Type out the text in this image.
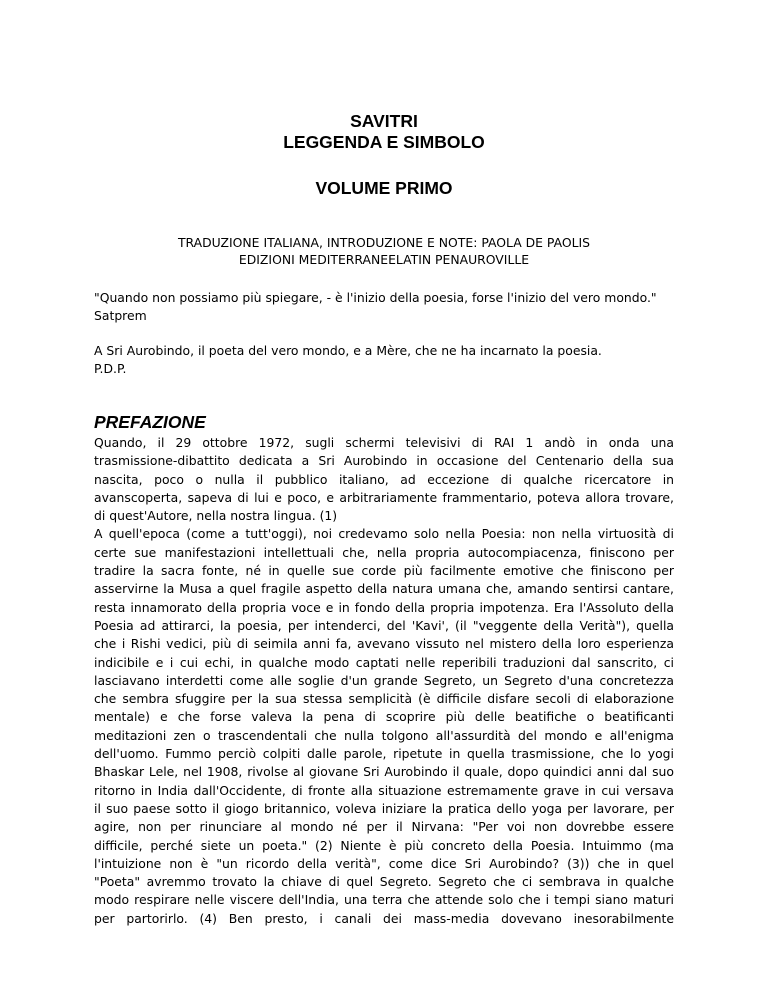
SAVITRI
LEGGENDA E SIMBOLO
VOLUME PRIMO
TRADUZIONE ITALIANA, INTRODUZIONE E NOTE: PAOLA DE PAOLIS
EDIZIONI MEDITERRANEELATIN PENAUROVILLE
"Quando non possiamo più spiegare, - è l'inizio della poesia, forse l'inizio del vero mondo."
Satprem
A Sri Aurobindo, il poeta del vero mondo, e a Mère, che ne ha incarnato la poesia.
P.D.P.
PREFAZIONE
Quando, il 29 ottobre 1972, sugli schermi televisivi di RAI 1 andò in onda una
trasmissione-dibattito dedicata a Sri Aurobindo in occasione del Centenario della sua
nascita, poco o nulla il pubblico italiano, ad eccezione di qualche ricercatore in
avanscoperta, sapeva di lui e poco, e arbitrariamente frammentario, poteva allora trovare,
di quest'Autore, nella nostra lingua. (1)
A quell'epoca (come a tutt'oggi), noi credevamo solo nella Poesia: non nella virtuosità di
certe sue manifestazioni intellettuali che, nella propria autocompiacenza, finiscono per
tradire la sacra fonte, né in quelle sue corde più facilmente emotive che finiscono per
asservirne la Musa a quel fragile aspetto della natura umana che, amando sentirsi cantare,
resta innamorato della propria voce e in fondo della propria impotenza. Era l'Assoluto della
Poesia ad attirarci, la poesia, per intenderci, del 'Kavi', (il "veggente della Verità"), quella
che i Rishi vedici, più di seimila anni fa, avevano vissuto nel mistero della loro esperienza
indicibile e i cui echi, in qualche modo captati nelle reperibili traduzioni dal sanscrito, ci
lasciavano interdetti come alle soglie d'un grande Segreto, un Segreto d'una concretezza
che sembra sfuggire per la sua stessa semplicità (è difficile disfare secoli di elaborazione
mentale) e che forse valeva la pena di scoprire più delle beatifiche o beatificanti
meditazioni zen o trascendentali che nulla tolgono all'assurdità del mondo e all'enigma
dell'uomo. Fummo perciò colpiti dalle parole, ripetute in quella trasmissione, che lo yogi
Bhaskar Lele, nel 1908, rivolse al giovane Sri Aurobindo il quale, dopo quindici anni dal suo
ritorno in India dall'Occidente, di fronte alla situazione estremamente grave in cui versava
il suo paese sotto il giogo britannico, voleva iniziare la pratica dello yoga per lavorare, per
agire, non per rinunciare al mondo né per il Nirvana: "Per voi non dovrebbe essere
difficile, perché siete un poeta." (2) Niente è più concreto della Poesia. Intuimmo (ma
l'intuizione non è "un ricordo della verità", come dice Sri Aurobindo? (3)) che in quel
"Poeta" avremmo trovato la chiave di quel Segreto. Segreto che ci sembrava in qualche
modo respirare nelle viscere dell'India, una terra che attende solo che i tempi siano maturi
per partorirlo. (4) Ben presto, i canali dei mass-media dovevano inesorabilmente
